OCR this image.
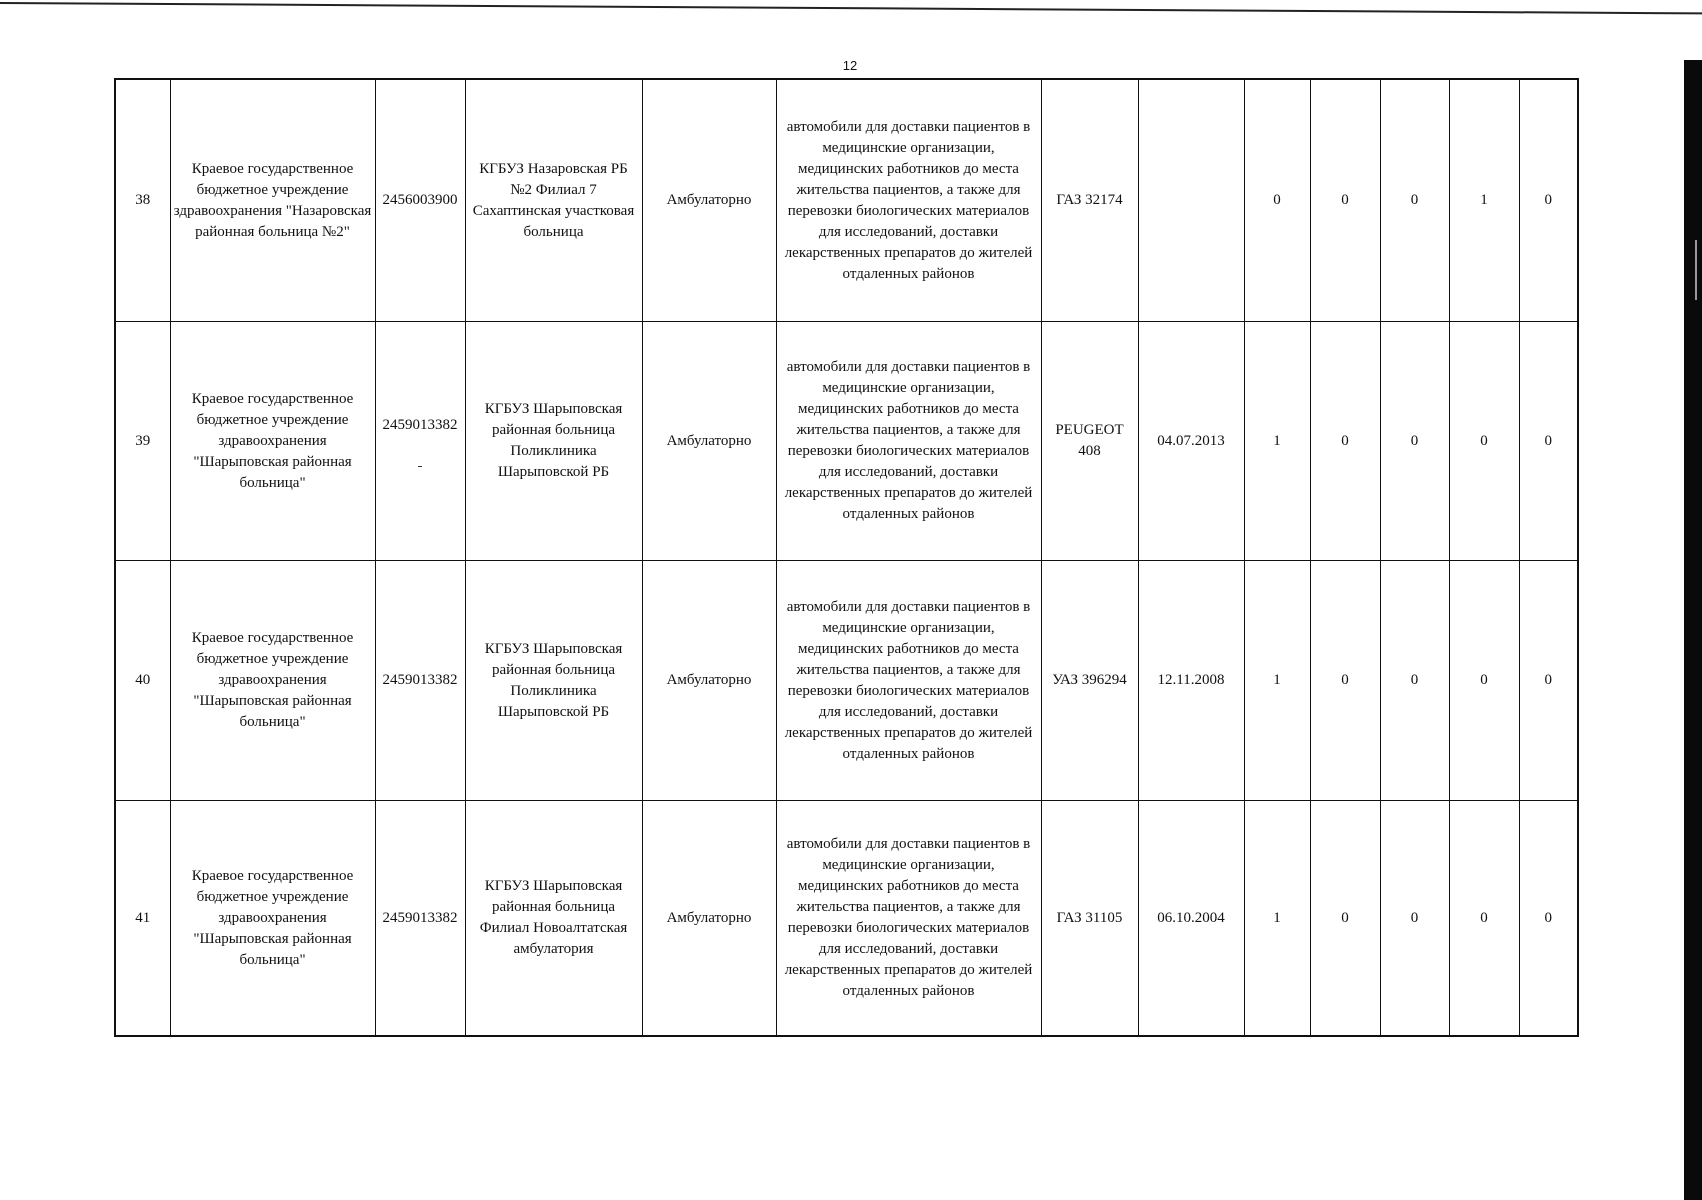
12
38	Краевое государственное бюджетное учреждение здравоохранения "Назаровская районная больница №2"	2456003900	КГБУЗ Назаровская РБ №2 Филиал 7 Сахаптинская участковая больница	Амбулаторно	автомобили для доставки пациентов в медицинские организации, медицинских работников до места жительства пациентов, а также для перевозки биологических материалов для исследований, доставки лекарственных препаратов до жителей отдаленных районов	ГАЗ 32174		0	0	0	1	0
39	Краевое государственное бюджетное учреждение здравоохранения "Шарыповская районная больница"	2459013382	КГБУЗ Шарыповская районная больница Поликлиника Шарыповской РБ	Амбулаторно	автомобили для доставки пациентов в медицинские организации, медицинских работников до места жительства пациентов, а также для перевозки биологических материалов для исследований, доставки лекарственных препаратов до жителей отдаленных районов	PEUGEOT 408	04.07.2013	1	0	0	0	0
40	Краевое государственное бюджетное учреждение здравоохранения "Шарыповская районная больница"	2459013382	КГБУЗ Шарыповская районная больница Поликлиника Шарыповской РБ	Амбулаторно	автомобили для доставки пациентов в медицинские организации, медицинских работников до места жительства пациентов, а также для перевозки биологических материалов для исследований, доставки лекарственных препаратов до жителей отдаленных районов	УАЗ 396294	12.11.2008	1	0	0	0	0
41	Краевое государственное бюджетное учреждение здравоохранения "Шарыповская районная больница"	2459013382	КГБУЗ Шарыповская районная больница Филиал Новоалтатская амбулатория	Амбулаторно	автомобили для доставки пациентов в медицинские организации, медицинских работников до места жительства пациентов, а также для перевозки биологических материалов для исследований, доставки лекарственных препаратов до жителей отдаленных районов	ГАЗ 31105	06.10.2004	1	0	0	0	0
